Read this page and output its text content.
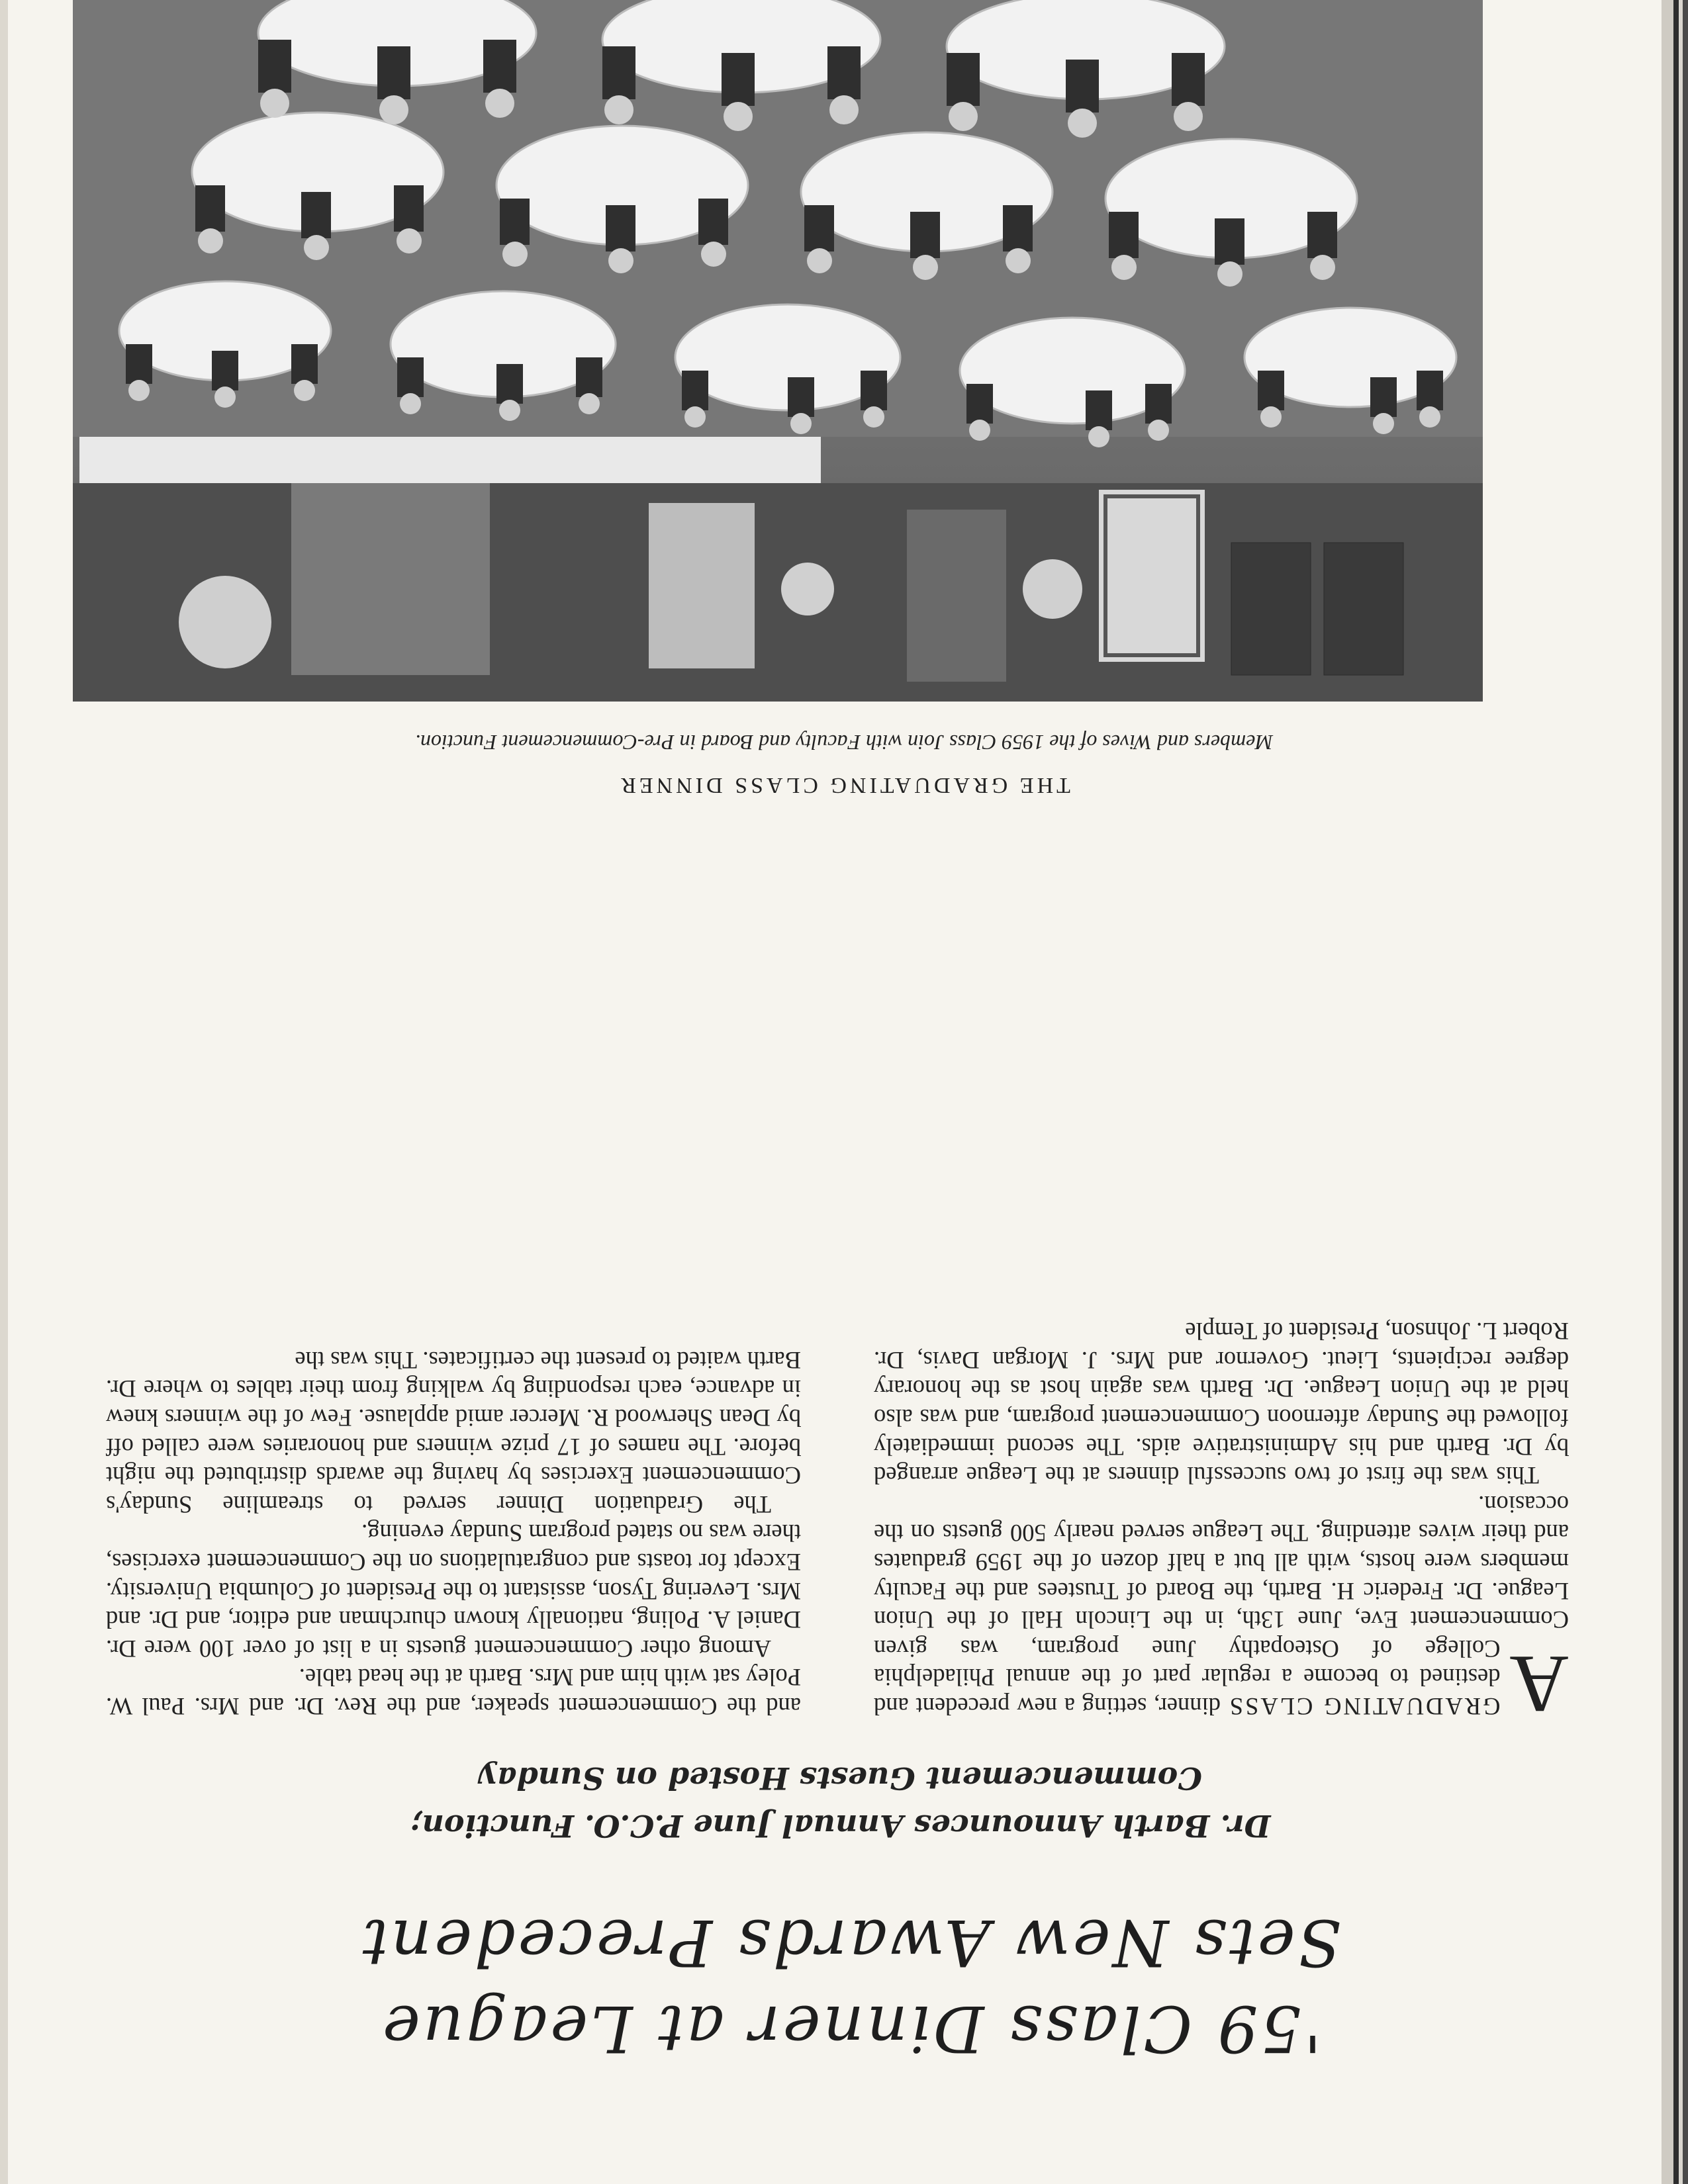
'59 Class Dinner at League
Sets New Awards Precedent
Dr. Barth Announces Annual June P.C.O. Function;
Commencement Guests Hosted on Sunday

A
GRADUATING CLASS dinner, setting a new precedent and destined to become a regular part of the annual Philadelphia College of Osteopathy June program, was given Commencement Eve, June 13th, in the Lincoln Hall of the Union League. Dr. Frederic H. Barth, the Board of Trustees and the Faculty members were hosts, with all but a half dozen of the 1959 graduates and their wives attending. The League served nearly 500 guests on the occasion.

This was the first of two successful dinners at the League arranged by Dr. Barth and his Administrative aids. The second immediately followed the Sunday afternoon Commencement program, and was also held at the Union League. Dr. Barth was again host as the honorary degree recipients, Lieut. Governor and Mrs. J. Morgan Davis, Dr. Robert L. Johnson, President of Temple

and the Commencement speaker, and the Rev. Dr. and Mrs. Paul W. Poley sat with him and Mrs. Barth at the head table.

Among other Commencement guests in a list of over 100 were Dr. Daniel A. Poling, nationally known churchman and editor, and Dr. and Mrs. Levering Tyson, assistant to the President of Columbia University. Except for toasts and congratulations on the Commencement exercises, there was no stated program Sunday evening.

The Graduation Dinner served to streamline Sunday's Commencement Exercises by having the awards distributed the night before. The names of 17 prize winners and honoraries were called off by Dean Sherwood R. Mercer amid applause. Few of the winners knew in advance, each responding by walking from their tables to where Dr. Barth waited to present the certificates. This was the

THE GRADUATING CLASS DINNER
Members and Wives of the 1959 Class Join with Faculty and Board in Pre-Commencement Function.
